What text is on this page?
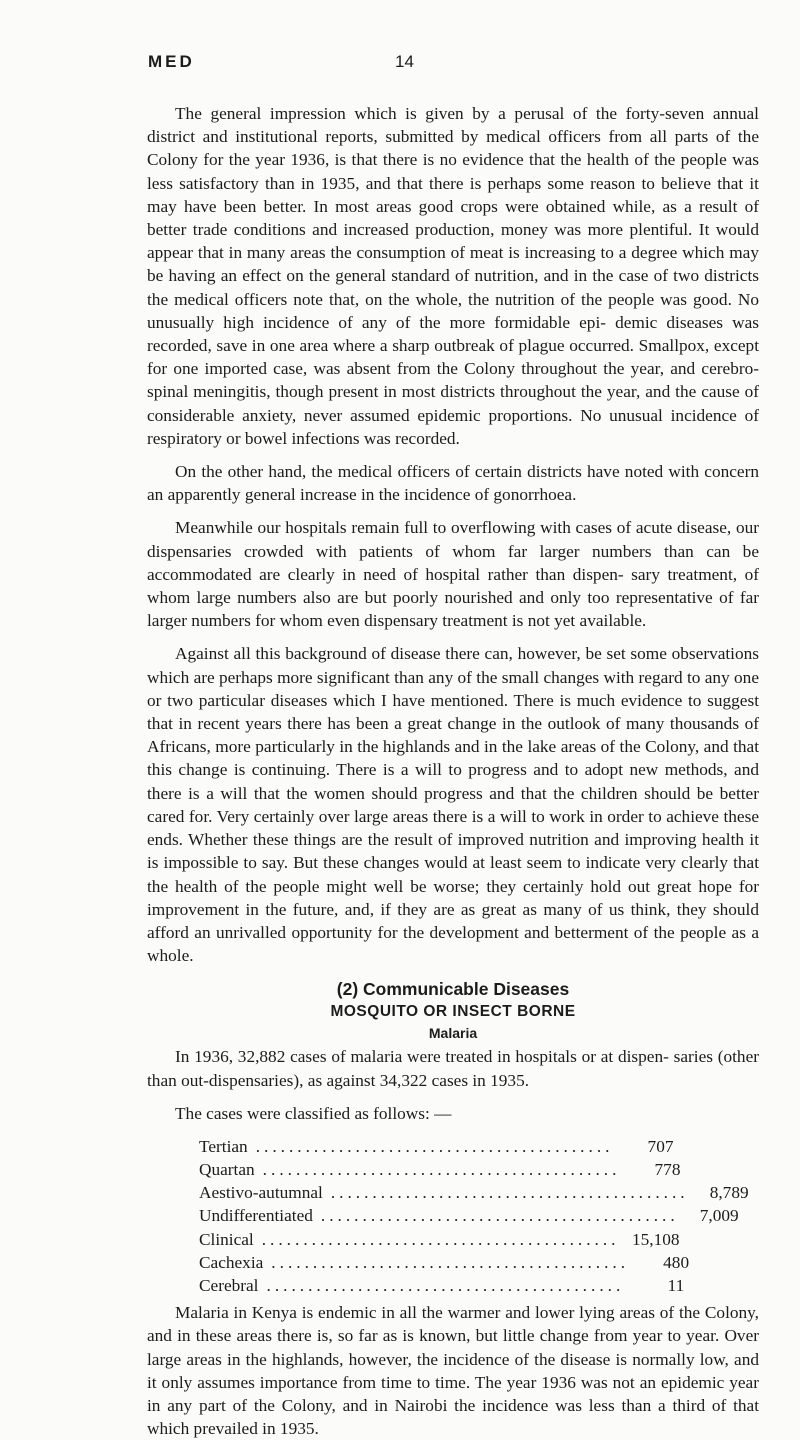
MED	14

The general impression which is given by a perusal of the forty-seven annual district and institutional reports, submitted by medical officers from all parts of the Colony for the year 1936, is that there is no evidence that the health of the people was less satisfactory than in 1935, and that there is perhaps some reason to believe that it may have been better. In most areas good crops were obtained while, as a result of better trade conditions and increased production, money was more plentiful. It would appear that in many areas the consumption of meat is increasing to a degree which may be having an effect on the general standard of nutrition, and in the case of two districts the medical officers note that, on the whole, the nutrition of the people was good. No unusually high incidence of any of the more formidable epi- demic diseases was recorded, save in one area where a sharp outbreak of plague occurred. Smallpox, except for one imported case, was absent from the Colony throughout the year, and cerebro-spinal meningitis, though present in most districts throughout the year, and the cause of considerable anxiety, never assumed epidemic proportions. No unusual incidence of respiratory or bowel infections was recorded.

On the other hand, the medical officers of certain districts have noted with concern an apparently general increase in the incidence of gonorrhoea.

Meanwhile our hospitals remain full to overflowing with cases of acute disease, our dispensaries crowded with patients of whom far larger numbers than can be accommodated are clearly in need of hospital rather than dispen- sary treatment, of whom large numbers also are but poorly nourished and only too representative of far larger numbers for whom even dispensary treatment is not yet available.

Against all this background of disease there can, however, be set some observations which are perhaps more significant than any of the small changes with regard to any one or two particular diseases which I have mentioned. There is much evidence to suggest that in recent years there has been a great change in the outlook of many thousands of Africans, more particularly in the highlands and in the lake areas of the Colony, and that this change is continuing. There is a will to progress and to adopt new methods, and there is a will that the women should progress and that the children should be better cared for. Very certainly over large areas there is a will to work in order to achieve these ends. Whether these things are the result of improved nutrition and improving health it is impossible to say. But these changes would at least seem to indicate very clearly that the health of the people might well be worse; they certainly hold out great hope for improvement in the future, and, if they are as great as many of us think, they should afford an unrivalled opportunity for the development and betterment of the people as a whole.

(2) Communicable Diseases
MOSQUITO OR INSECT BORNE
Malaria

In 1936, 32,882 cases of malaria were treated in hospitals or at dispen- saries (other than out-dispensaries), as against 34,322 cases in 1935.

The cases were classified as follows: —

Tertian ...........................................	707
Quartan ...........................................	778
Aestivo-autumnal ...........................................	8,789
Undifferentiated ...........................................	7,009
Clinical ........................................... 15,108
Cachexia ...........................................	480
Cerebral ...........................................	11

Malaria in Kenya is endemic in all the warmer and lower lying areas of the Colony, and in these areas there is, so far as is known, but little change from year to year. Over large areas in the highlands, however, the incidence of the disease is normally low, and it only assumes importance from time to time. The year 1936 was not an epidemic year in any part of the Colony, and in Nairobi the incidence was less than a third of that which prevailed in 1935.
